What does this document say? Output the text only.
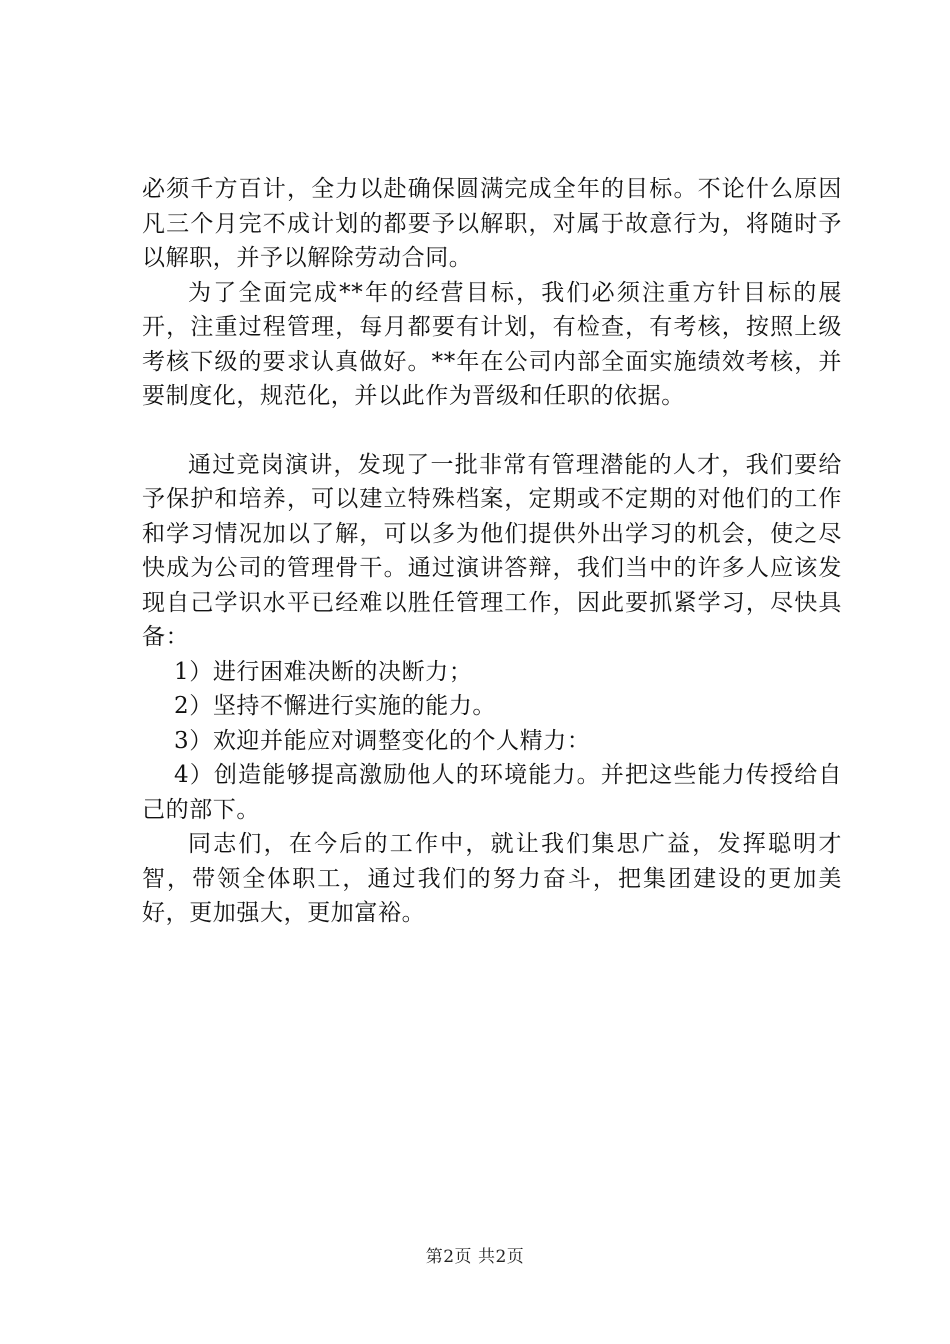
必须千方百计，全力以赴确保圆满完成全年的目标。不论什么原因凡三个月完不成计划的都要予以解职，对属于故意行为，将随时予以解职，并予以解除劳动合同。

为了全面完成**年的经营目标，我们必须注重方针目标的展开，注重过程管理，每月都要有计划，有检查，有考核，按照上级考核下级的要求认真做好。**年在公司内部全面实施绩效考核，并要制度化，规范化，并以此作为晋级和任职的依据。

通过竞岗演讲，发现了一批非常有管理潜能的人才，我们要给予保护和培养，可以建立特殊档案，定期或不定期的对他们的工作和学习情况加以了解，可以多为他们提供外出学习的机会，使之尽快成为公司的管理骨干。通过演讲答辩，我们当中的许多人应该发现自己学识水平已经难以胜任管理工作，因此要抓紧学习，尽快具备：

1）进行困难决断的决断力；

2）坚持不懈进行实施的能力。

3）欢迎并能应对调整变化的个人精力：

4）创造能够提高激励他人的环境能力。并把这些能力传授给自己的部下。

同志们，在今后的工作中，就让我们集思广益，发挥聪明才智，带领全体职工，通过我们的努力奋斗，把集团建设的更加美好，更加强大，更加富裕。

第2页 共2页
